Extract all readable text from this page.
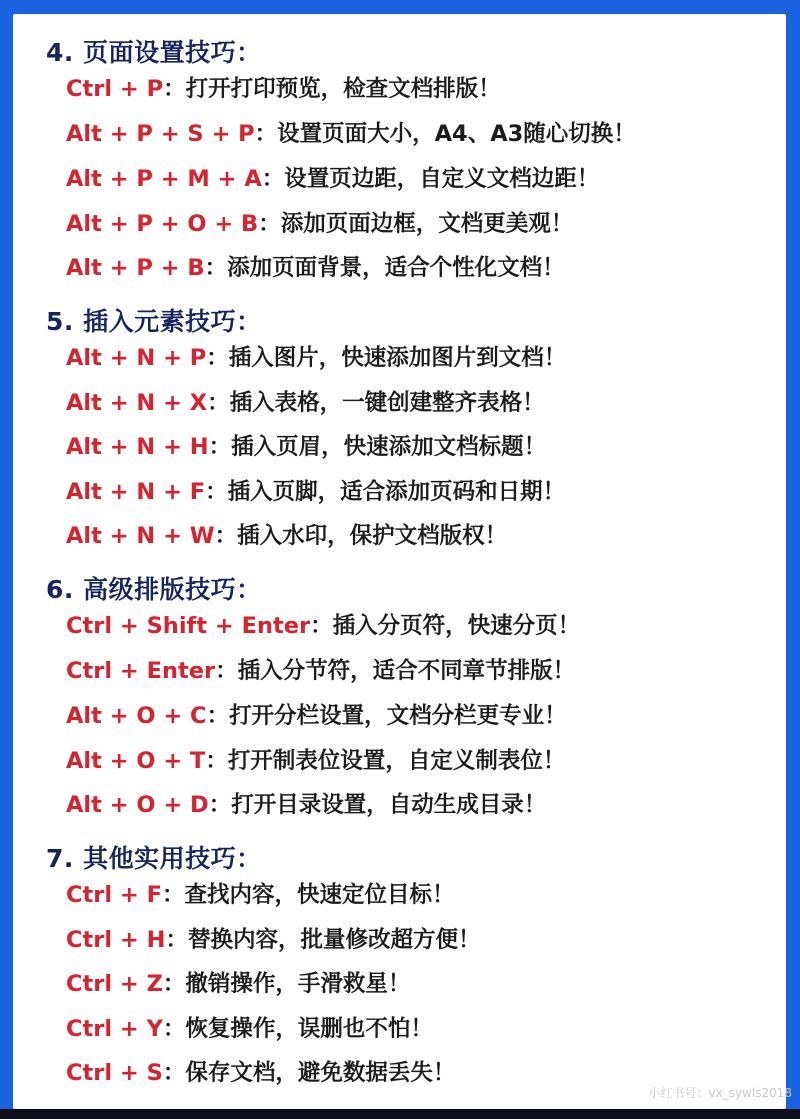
4. 页面设置技巧：
Ctrl + P：打开打印预览，检查文档排版！
Alt + P + S + P：设置页面大小，A4、A3随心切换！
Alt + P + M + A：设置页边距，自定义文档边距！
Alt + P + O + B：添加页面边框，文档更美观！
Alt + P + B：添加页面背景，适合个性化文档！
5. 插入元素技巧：
Alt + N + P：插入图片，快速添加图片到文档！
Alt + N + X：插入表格，一键创建整齐表格！
Alt + N + H：插入页眉，快速添加文档标题！
Alt + N + F：插入页脚，适合添加页码和日期！
Alt + N + W：插入水印，保护文档版权！
6. 高级排版技巧：
Ctrl + Shift + Enter：插入分页符，快速分页！
Ctrl + Enter：插入分节符，适合不同章节排版！
Alt + O + C：打开分栏设置，文档分栏更专业！
Alt + O + T：打开制表位设置，自定义制表位！
Alt + O + D：打开目录设置，自动生成目录！
7. 其他实用技巧：
Ctrl + F：查找内容，快速定位目标！
Ctrl + H：替换内容，批量修改超方便！
Ctrl + Z：撤销操作，手滑救星！
Ctrl + Y：恢复操作，误删也不怕！
Ctrl + S：保存文档，避免数据丢失！
小红书号：vx_sywls2018
